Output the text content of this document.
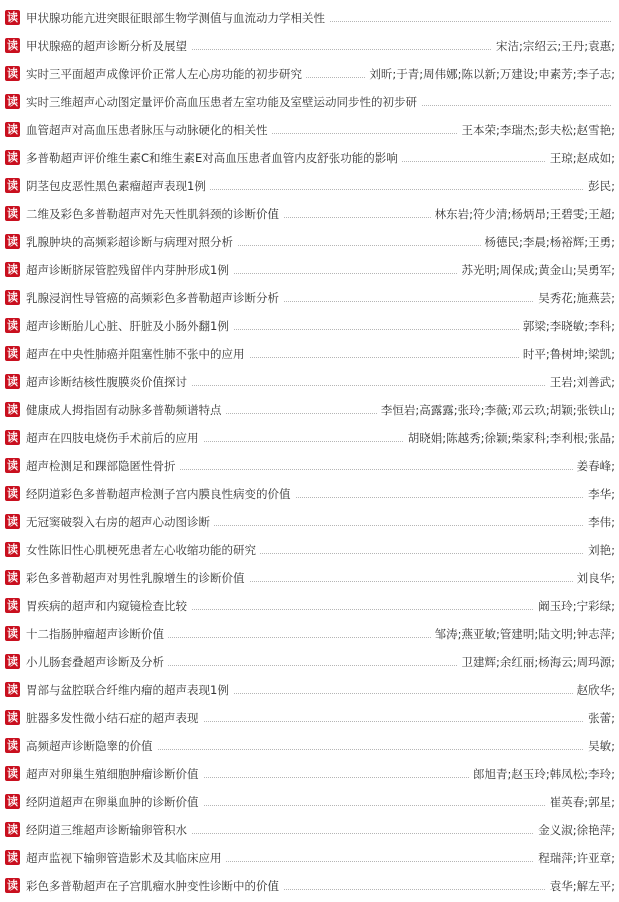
读 甲状腺功能亢进突眼征眼部生物学测值与血流动力学相关性
读 甲状腺癌的超声诊断分析及展望	宋洁;宗绍云;王丹;袁惠;
读 实时三平面超声成像评价正常人左心房功能的初步研究	刘昕;于青;周伟娜;陈以新;万建设;申素芳;李子志;
读 实时三维超声心动图定量评价高血压患者左室功能及室壁运动同步性的初步研
读 血管超声对高血压患者脉压与动脉硬化的相关性	王本荣;李瑞杰;彭夫松;赵雪艳;
读 多普勒超声评价维生素C和维生素E对高血压患者血管内皮舒张功能的影响	王琼;赵成如;
读 阴茎包皮恶性黑色素瘤超声表现1例	彭民;
读 二维及彩色多普勒超声对先天性肌斜颈的诊断价值	林东岩;符少清;杨炳昂;王碧雯;王超;
读 乳腺肿块的高频彩超诊断与病理对照分析	杨德民;李晨;杨裕辉;王勇;
读 超声诊断脐尿管腔残留伴内芽肿形成1例	苏光明;周保成;黄金山;吴勇军;
读 乳腺浸润性导管癌的高频彩色多普勒超声诊断分析	吴秀花;施燕芸;
读 超声诊断胎儿心脏、肝脏及小肠外翻1例	郭梁;李晓敏;李科;
读 超声在中央性肺癌并阻塞性肺不张中的应用	时平;鲁树坤;梁凯;
读 超声诊断结核性腹膜炎价值探讨	王岩;刘善武;
读 健康成人拇指固有动脉多普勒频谱特点	李恒岩;高露露;张玲;李薇;邓云玖;胡颖;张铁山;
读 超声在四肢电烧伤手术前后的应用	胡晓娟;陈越秀;徐颖;柴家科;李利根;张晶;
读 超声检测足和踝部隐匿性骨折	姜春峰;
读 经阴道彩色多普勒超声检测子宫内膜良性病变的价值	李华;
读 无冠窦破裂入右房的超声心动图诊断	李伟;
读 女性陈旧性心肌梗死患者左心收缩功能的研究	刘艳;
读 彩色多普勒超声对男性乳腺增生的诊断价值	刘良华;
读 胃疾病的超声和内窥镜检查比较	阚玉玲;宁彩绿;
读 十二指肠肿瘤超声诊断价值	邹涛;燕亚敏;管建明;陆文明;钟志萍;
读 小儿肠套叠超声诊断及分析	卫建辉;余红丽;杨海云;周玛源;
读 胃部与盆腔联合纤维内瘤的超声表现1例	赵欣华;
读 脏器多发性微小结石症的超声表现	张蕾;
读 高频超声诊断隐睾的价值	吴敏;
读 超声对卵巢生殖细胞肿瘤诊断价值	郎旭青;赵玉玲;韩凤松;李玲;
读 经阴道超声在卵巢血肿的诊断价值	崔英春;郭星;
读 经阴道三维超声诊断输卵管积水	金义淑;徐艳萍;
读 超声监视下输卵管造影术及其临床应用	程瑞萍;许亚章;
读 彩色多普勒超声在子宫肌瘤水肿变性诊断中的价值	袁华;解左平;
